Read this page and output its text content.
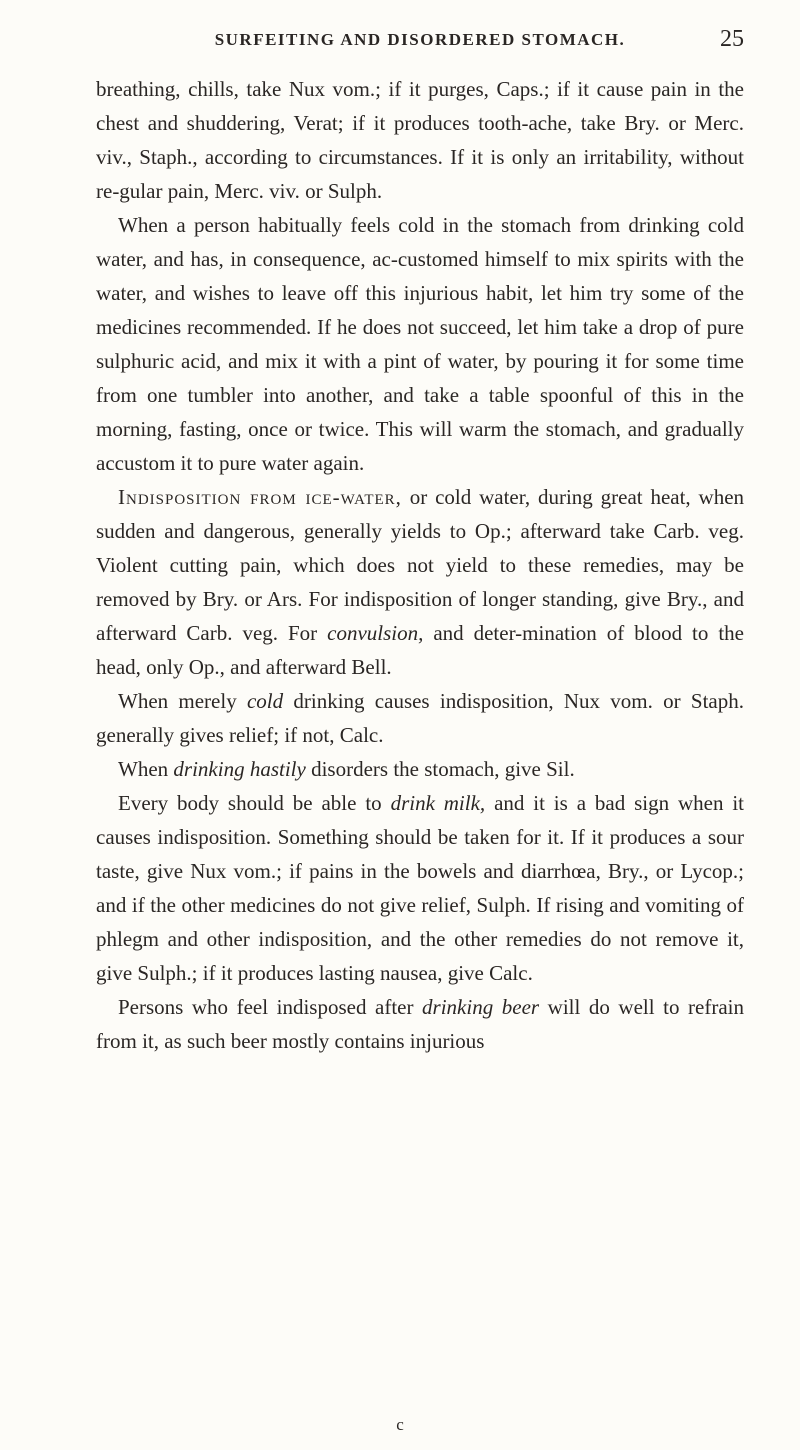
SURFEITING AND DISORDERED STOMACH.	25

breathing, chills, take Nux vom.; if it purges, Caps.; if it cause pain in the chest and shuddering, Verat; if it produces tooth-ache, take Bry. or Merc. viv., Staph., according to circumstances. If it is only an irritability, without re-gular pain, Merc. viv. or Sulph.

When a person habitually feels cold in the stomach from drinking cold water, and has, in consequence, ac-customed himself to mix spirits with the water, and wishes to leave off this injurious habit, let him try some of the medicines recommended. If he does not succeed, let him take a drop of pure sulphuric acid, and mix it with a pint of water, by pouring it for some time from one tumbler into another, and take a table spoonful of this in the morning, fasting, once or twice. This will warm the stomach, and gradually accustom it to pure water again.

Indisposition from ice-water, or cold water, during great heat, when sudden and dangerous, generally yields to Op.; afterward take Carb. veg. Violent cutting pain, which does not yield to these remedies, may be removed by Bry. or Ars. For indisposition of longer standing, give Bry., and afterward Carb. veg. For convulsion, and deter-mination of blood to the head, only Op., and afterward Bell.

When merely cold drinking causes indisposition, Nux vom. or Staph. generally gives relief; if not, Calc.

When drinking hastily disorders the stomach, give Sil.

Every body should be able to drink milk, and it is a bad sign when it causes indisposition. Something should be taken for it. If it produces a sour taste, give Nux vom.; if pains in the bowels and diarrhœa, Bry., or Lycop.; and if the other medicines do not give relief, Sulph. If rising and vomiting of phlegm and other indisposition, and the other remedies do not remove it, give Sulph.; if it produces lasting nausea, give Calc.

Persons who feel indisposed after drinking beer will do well to refrain from it, as such beer mostly contains injurious

c
